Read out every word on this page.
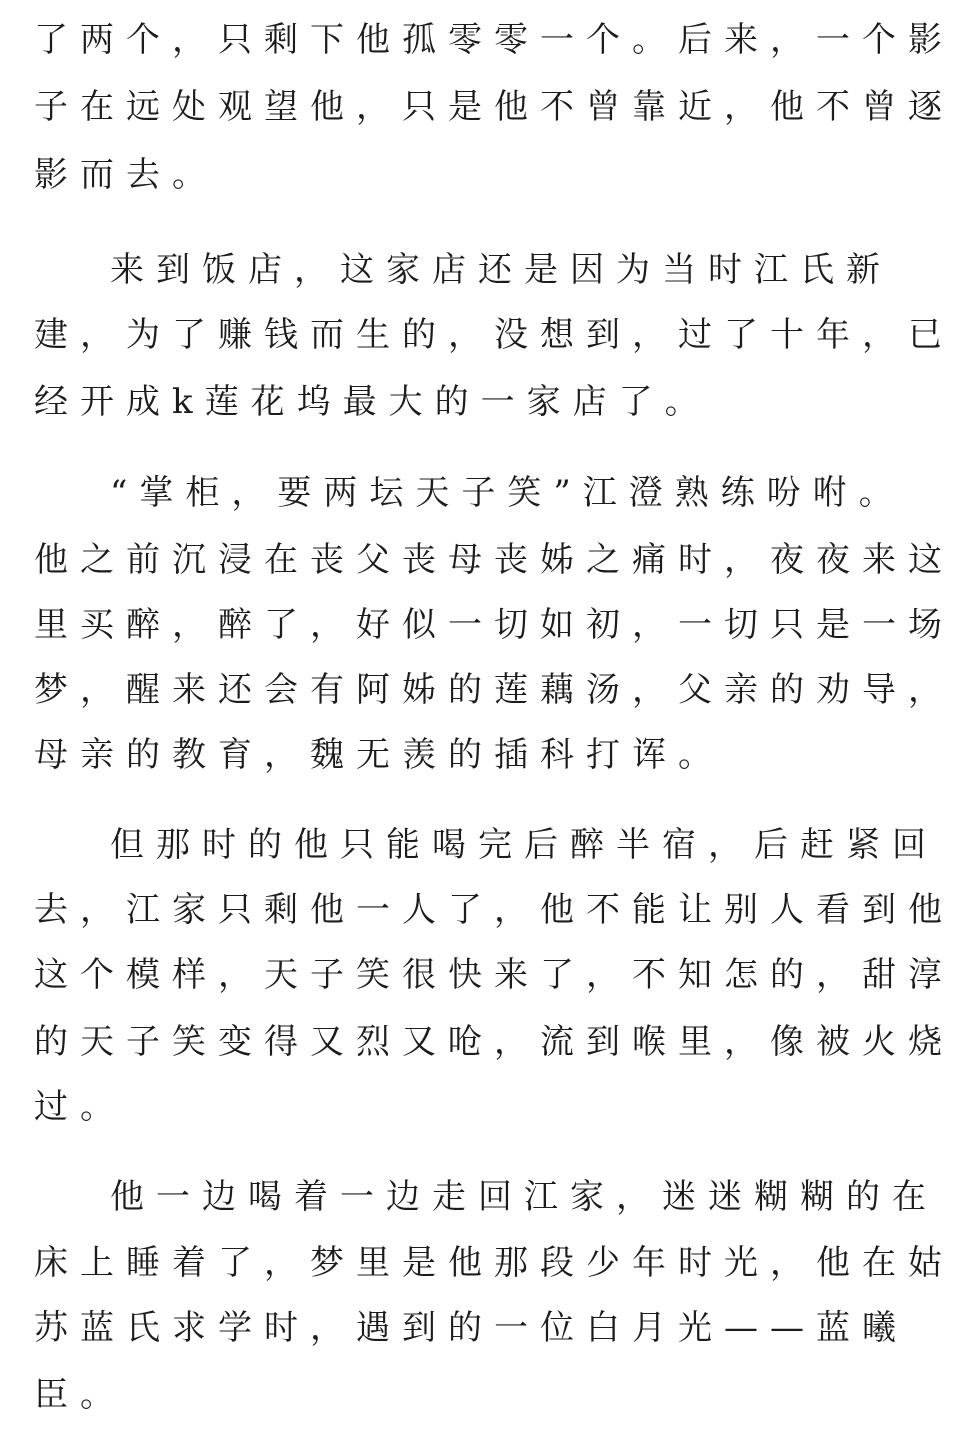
了两个，只剩下他孤零零一个。后来，一个影
子在远处观望他，只是他不曾靠近，他不曾逐
影而去。
来到饭店，这家店还是因为当时江氏新
建，为了赚钱而生的，没想到，过了十年，已
经开成k莲花坞最大的一家店了。
“掌柜，要两坛天子笑”江澄熟练吩咐。
他之前沉浸在丧父丧母丧姊之痛时，夜夜来这
里买醉，醉了，好似一切如初，一切只是一场
梦，醒来还会有阿姊的莲藕汤，父亲的劝导，
母亲的教育，魏无羡的插科打诨。
但那时的他只能喝完后醉半宿，后赶紧回
去，江家只剩他一人了，他不能让别人看到他
这个模样，天子笑很快来了，不知怎的，甜淳
的天子笑变得又烈又呛，流到喉里，像被火烧
过。
他一边喝着一边走回江家，迷迷糊糊的在
床上睡着了，梦里是他那段少年时光，他在姑
苏蓝氏求学时，遇到的一位白月光——蓝曦
臣。
